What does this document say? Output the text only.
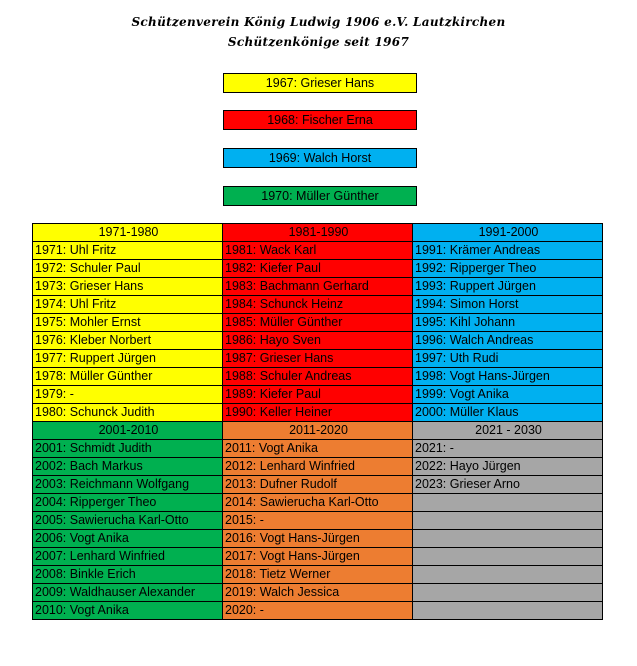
Schützenverein König Ludwig 1906 e.V. Lautzkirchen
Schützenkönige seit 1967
1967: Grieser Hans
1968: Fischer Erna
1969: Walch Horst
1970: Müller Günther
1971-1980	1981-1990	1991-2000
1971: Uhl Fritz	1981: Wack Karl	1991: Krämer Andreas
1972: Schuler Paul	1982: Kiefer Paul	1992: Ripperger Theo
1973: Grieser Hans	1983: Bachmann Gerhard	1993: Ruppert Jürgen
1974: Uhl Fritz	1984: Schunck Heinz	1994: Simon Horst
1975: Mohler Ernst	1985: Müller Günther	1995: Kihl Johann
1976: Kleber Norbert	1986: Hayo Sven	1996: Walch Andreas
1977: Ruppert Jürgen	1987: Grieser Hans	1997: Uth Rudi
1978: Müller Günther	1988: Schuler Andreas	1998: Vogt Hans-Jürgen
1979: -	1989: Kiefer Paul	1999: Vogt Anika
1980: Schunck Judith	1990: Keller Heiner	2000: Müller Klaus
2001-2010	2011-2020	2021 - 2030
2001: Schmidt Judith	2011: Vogt Anika	2021: -
2002: Bach Markus	2012: Lenhard Winfried	2022: Hayo Jürgen
2003: Reichmann Wolfgang	2013: Dufner Rudolf	2023: Grieser Arno
2004: Ripperger Theo	2014: Sawierucha Karl-Otto	
2005: Sawierucha Karl-Otto	2015: -	
2006: Vogt Anika	2016: Vogt Hans-Jürgen	
2007: Lenhard Winfried	2017: Vogt Hans-Jürgen	
2008: Binkle Erich	2018: Tietz Werner	
2009: Waldhauser Alexander	2019: Walch Jessica	
2010: Vogt Anika	2020: -	
